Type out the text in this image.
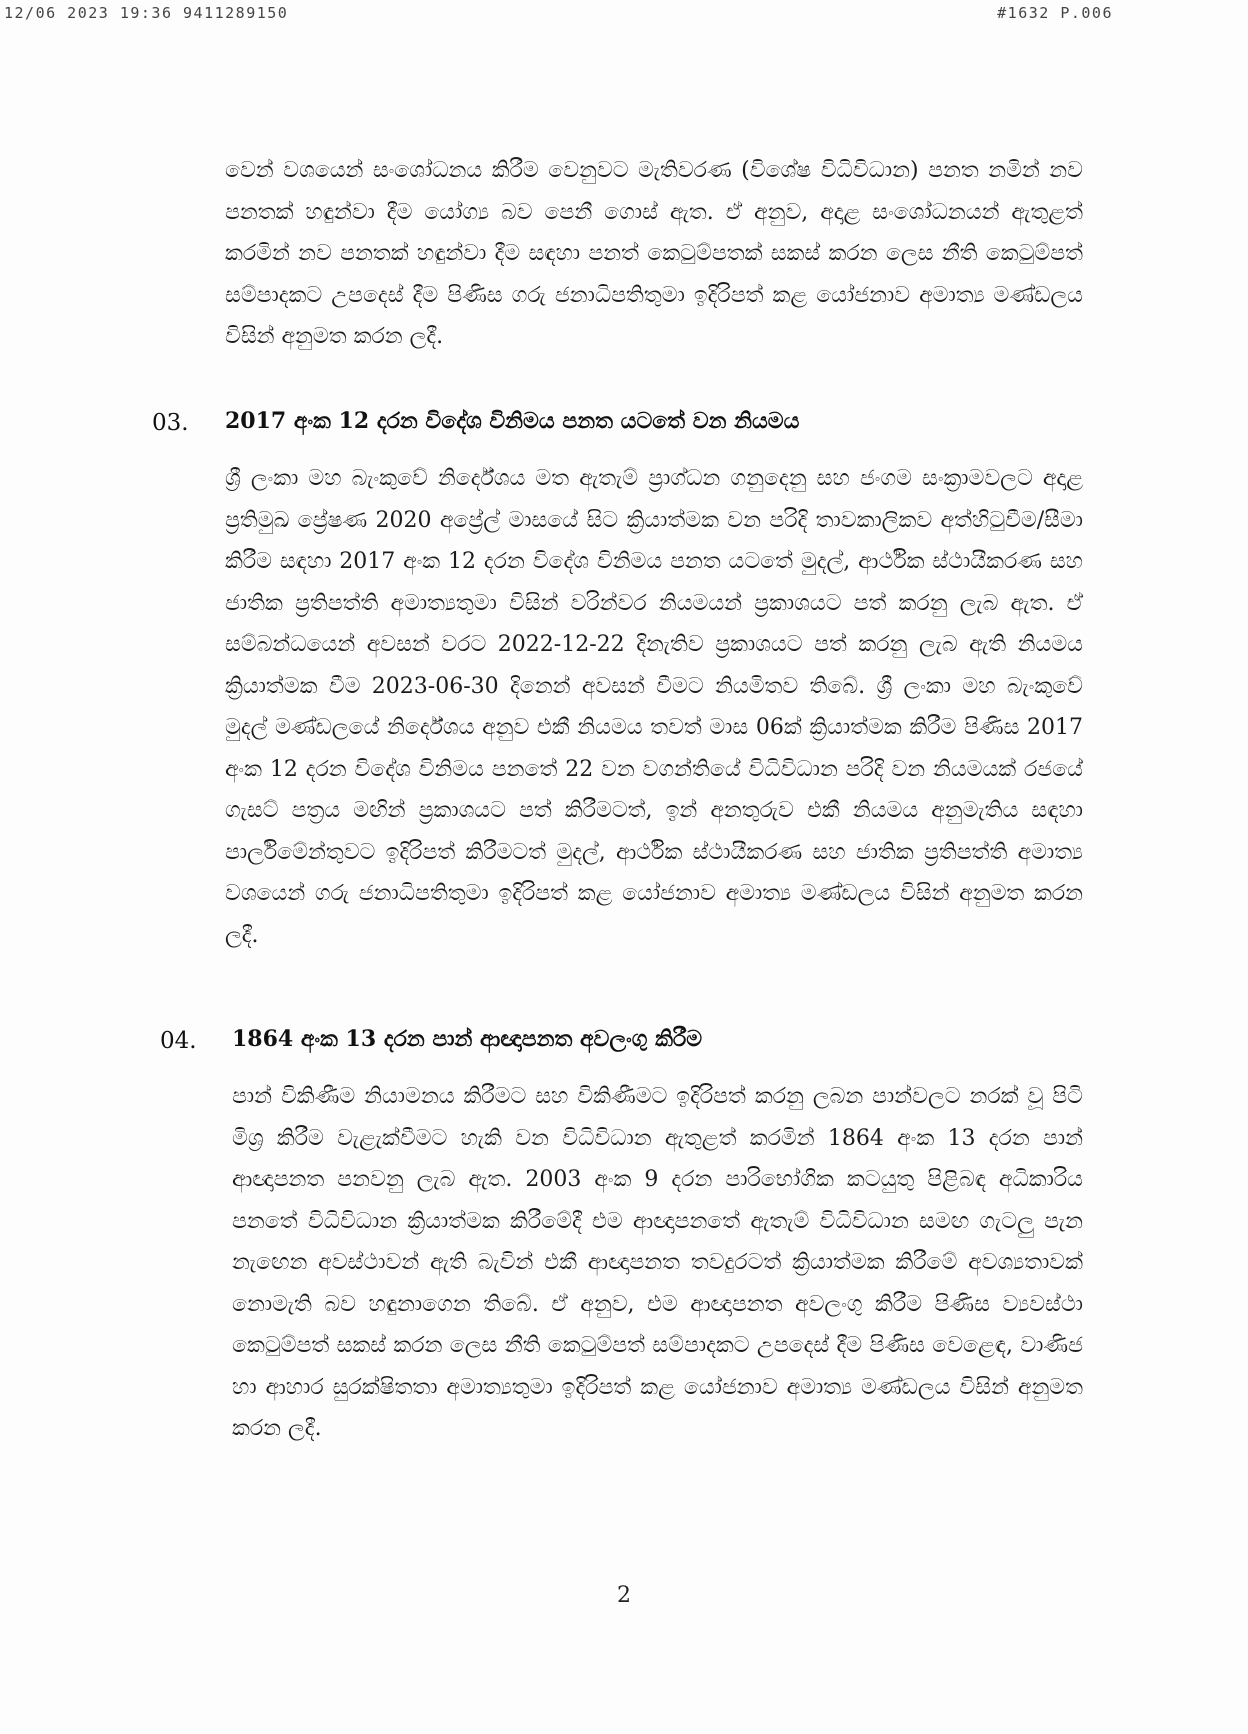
12/06 2023 19:36 9411289150	#1632 P.006

වෙන් වශයෙන් සංශෝධනය කිරීම වෙනුවට මැතිවරණ (විශේෂ විධිවිධාන) පනත නමින් නව පනතක් හඳුන්වා දීම යෝග්‍ය බව පෙනී ගොස් ඇත. ඒ අනුව, අදාළ සංශෝධනයන් ඇතුළත් කරමින් නව පනතක් හඳුන්වා දීම සඳහා පනත් කෙටුම්පතක් සකස් කරන ලෙස නීති කෙටුම්පත් සම්පාදකට උපදෙස් දීම පිණිස ගරු ජනාධිපතිතුමා ඉදිරිපත් කළ යෝජනාව අමාත්‍ය මණ්ඩලය විසින් අනුමත කරන ලදී.

03. 2017 අංක 12 දරන විදේශ විනිමය පනත යටතේ වන නියමය

ශ්‍රී ලංකා මහ බැංකුවේ නිර්දේශය මත ඇතැම් ප්‍රාග්ධන ගනුදෙනු සහ ජංගම සංක්‍රාමවලට අදාළ ප්‍රතිමුඛ ප්‍රේෂණ 2020 අප්‍රේල් මාසයේ සිට ක්‍රියාත්මක වන පරිදි තාවකාලිකව අත්හිටුවීම/සීමා කිරීම සඳහා 2017 අංක 12 දරන විදේශ විනිමය පනත යටතේ මුදල්, ආර්ථික ස්ථායීකරණ සහ ජාතික ප්‍රතිපත්ති අමාත්‍යතුමා විසින් වරින්වර නියමයන් ප්‍රකාශයට පත් කරනු ලැබ ඇත. ඒ සම්බන්ධයෙන් අවසන් වරට 2022-12-22 දිනැතිව ප්‍රකාශයට පත් කරනු ලැබ ඇති නියමය ක්‍රියාත්මක වීම 2023-06-30 දිනෙන් අවසන් වීමට නියමිතව තිබේ. ශ්‍රී ලංකා මහ බැංකුවේ මුදල් මණ්ඩලයේ නිර්දේශය අනුව එකී නියමය තවත් මාස 06ක් ක්‍රියාත්මක කිරීම පිණිස 2017 අංක 12 දරන විදේශ විනිමය පනතේ 22 වන වගන්තියේ විධිවිධාන පරිදි වන නියමයක් රජයේ ගැසට් පත්‍රය මඟින් ප්‍රකාශයට පත් කිරීමටත්, ඉන් අනතුරුව එකී නියමය අනුමැතිය සඳහා පාර්ලිමේන්තුවට ඉදිරිපත් කිරීමටත් මුදල්, ආර්ථික ස්ථායීකරණ සහ ජාතික ප්‍රතිපත්ති අමාත්‍ය වශයෙන් ගරු ජනාධිපතිතුමා ඉදිරිපත් කළ යෝජනාව අමාත්‍ය මණ්ඩලය විසින් අනුමත කරන ලදී.

04. 1864 අංක 13 දරන පාන් ආඥාපනත අවලංගු කිරීම

පාන් විකිණීම නියාමනය කිරීමට සහ විකිණීමට ඉදිරිපත් කරනු ලබන පාන්වලට නරක් වූ පිටි මිශ්‍ර කිරීම වැළැක්වීමට හැකි වන විධිවිධාන ඇතුළත් කරමින් 1864 අංක 13 දරන පාන් ආඥාපනත පනවනු ලැබ ඇත. 2003 අංක 9 දරන පාරිභෝගික කටයුතු පිළිබඳ අධිකාරිය පනතේ විධිවිධාන ක්‍රියාත්මක කිරීමේදී එම ආඥාපනතේ ඇතැම් විධිවිධාන සමඟ ගැටලු පැන නැඟෙන අවස්ථාවන් ඇති බැවින් එකී ආඥාපනත තවදුරටත් ක්‍රියාත්මක කිරීමේ අවශ්‍යතාවක් නොමැති බව හඳුනාගෙන තිබේ. ඒ අනුව, එම ආඥාපනත අවලංගු කිරීම පිණිස ව්‍යවස්ථා කෙටුම්පත් සකස් කරන ලෙස නීති කෙටුම්පත් සම්පාදකට උපදෙස් දීම පිණිස වෙළෙඳ, වාණිජ හා ආහාර සුරක්ෂිතතා අමාත්‍යතුමා ඉදිරිපත් කළ යෝජනාව අමාත්‍ය මණ්ඩලය විසින් අනුමත කරන ලදී.

2
